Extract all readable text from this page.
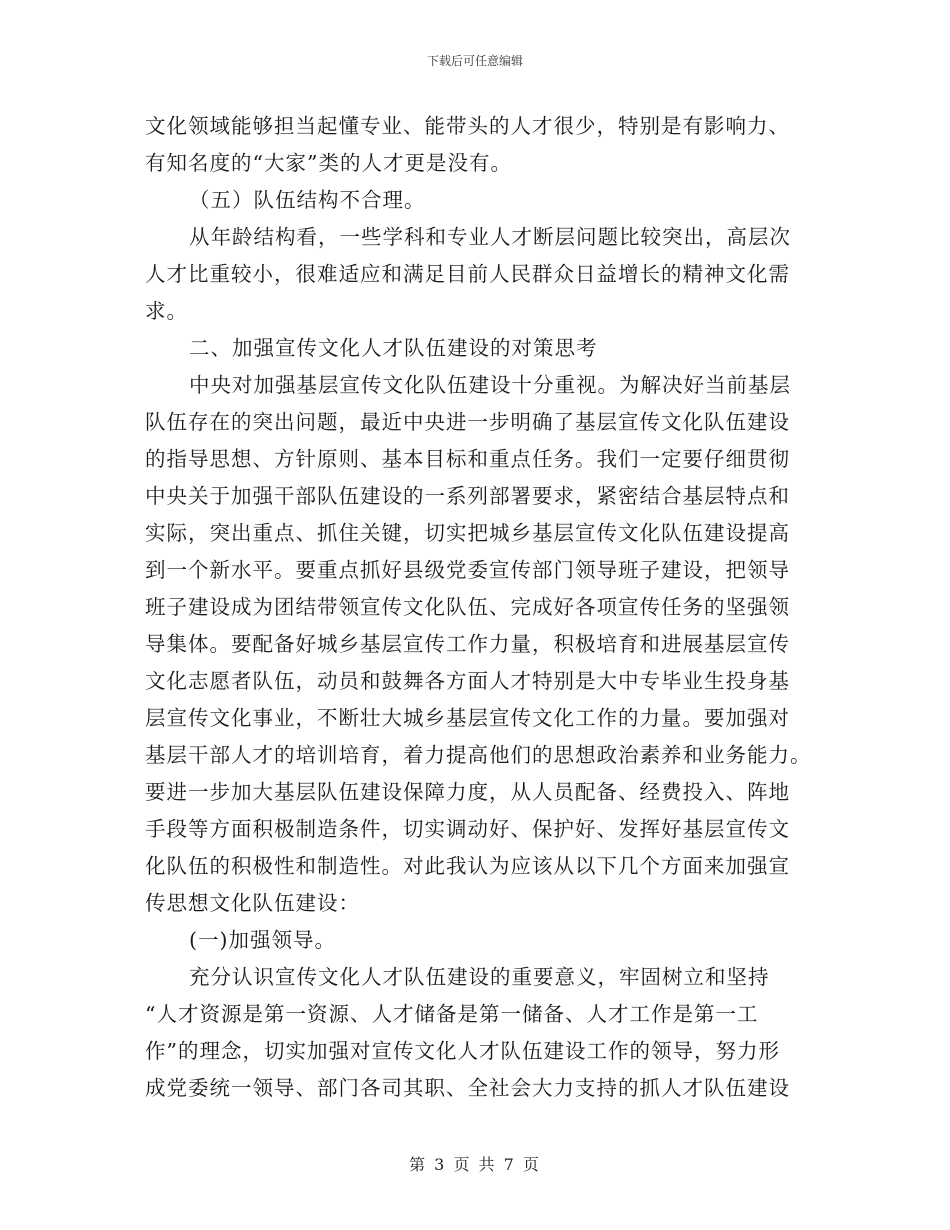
下载后可任意编辑
文化领域能够担当起懂专业、能带头的人才很少，特别是有影响力、
有知名度的“大家”类的人才更是没有。
（五）队伍结构不合理。
从年龄结构看，一些学科和专业人才断层问题比较突出，高层次
人才比重较小，很难适应和满足目前人民群众日益增长的精神文化需
求。
二、加强宣传文化人才队伍建设的对策思考
中央对加强基层宣传文化队伍建设十分重视。为解决好当前基层
队伍存在的突出问题，最近中央进一步明确了基层宣传文化队伍建设
的指导思想、方针原则、基本目标和重点任务。我们一定要仔细贯彻
中央关于加强干部队伍建设的一系列部署要求，紧密结合基层特点和
实际，突出重点、抓住关键，切实把城乡基层宣传文化队伍建设提高
到一个新水平。要重点抓好县级党委宣传部门领导班子建设，把领导
班子建设成为团结带领宣传文化队伍、完成好各项宣传任务的坚强领
导集体。要配备好城乡基层宣传工作力量，积极培育和进展基层宣传
文化志愿者队伍，动员和鼓舞各方面人才特别是大中专毕业生投身基
层宣传文化事业，不断壮大城乡基层宣传文化工作的力量。要加强对
基层干部人才的培训培育，着力提高他们的思想政治素养和业务能力。
要进一步加大基层队伍建设保障力度，从人员配备、经费投入、阵地
手段等方面积极制造条件，切实调动好、保护好、发挥好基层宣传文
化队伍的积极性和制造性。对此我认为应该从以下几个方面来加强宣
传思想文化队伍建设：
(一)加强领导。
充分认识宣传文化人才队伍建设的重要意义，牢固树立和坚持
“人才资源是第一资源、人才储备是第一储备、人才工作是第一工
作”的理念，切实加强对宣传文化人才队伍建设工作的领导，努力形
成党委统一领导、部门各司其职、全社会大力支持的抓人才队伍建设
第 3 页 共 7 页
